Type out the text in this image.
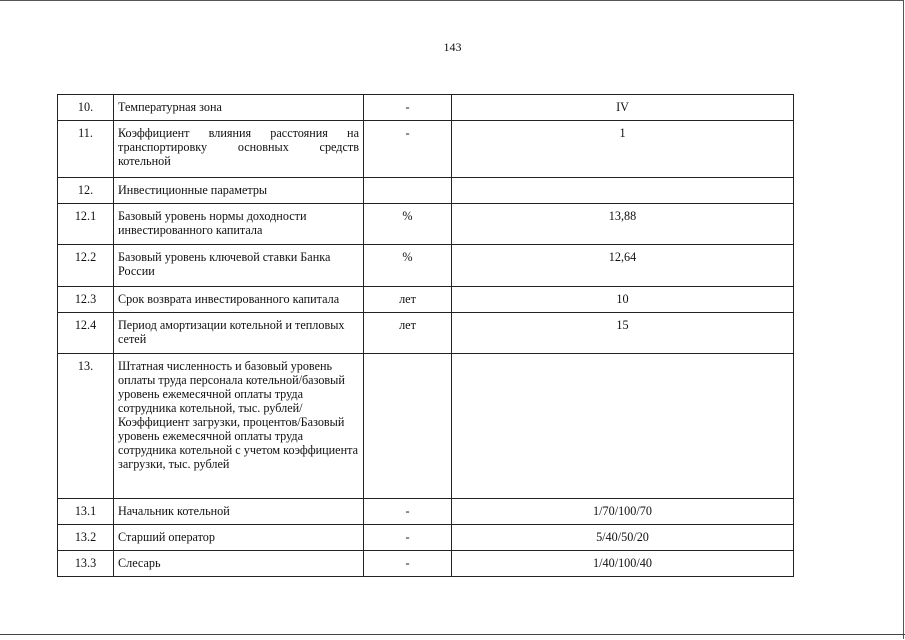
143
10.	Температурная зона	-	IV
11.	Коэффициент влияния расстояния на транспортировку основных средств котельной	-	1
12.	Инвестиционные параметры		
12.1	Базовый уровень нормы доходности инвестированного капитала	%	13,88
12.2	Базовый уровень ключевой ставки Банка России	%	12,64
12.3	Срок возврата инвестированного капитала	лет	10
12.4	Период амортизации котельной и тепловых сетей	лет	15
13.	Штатная численность и базовый уровень оплаты труда персонала котельной/базовый уровень ежемесячной оплаты труда сотрудника котельной, тыс. рублей/Коэффициент загрузки, процентов/Базовый уровень ежемесячной оплаты труда сотрудника котельной с учетом коэффициента загрузки, тыс. рублей		
13.1	Начальник котельной	-	1/70/100/70
13.2	Старший оператор	-	5/40/50/20
13.3	Слесарь	-	1/40/100/40
